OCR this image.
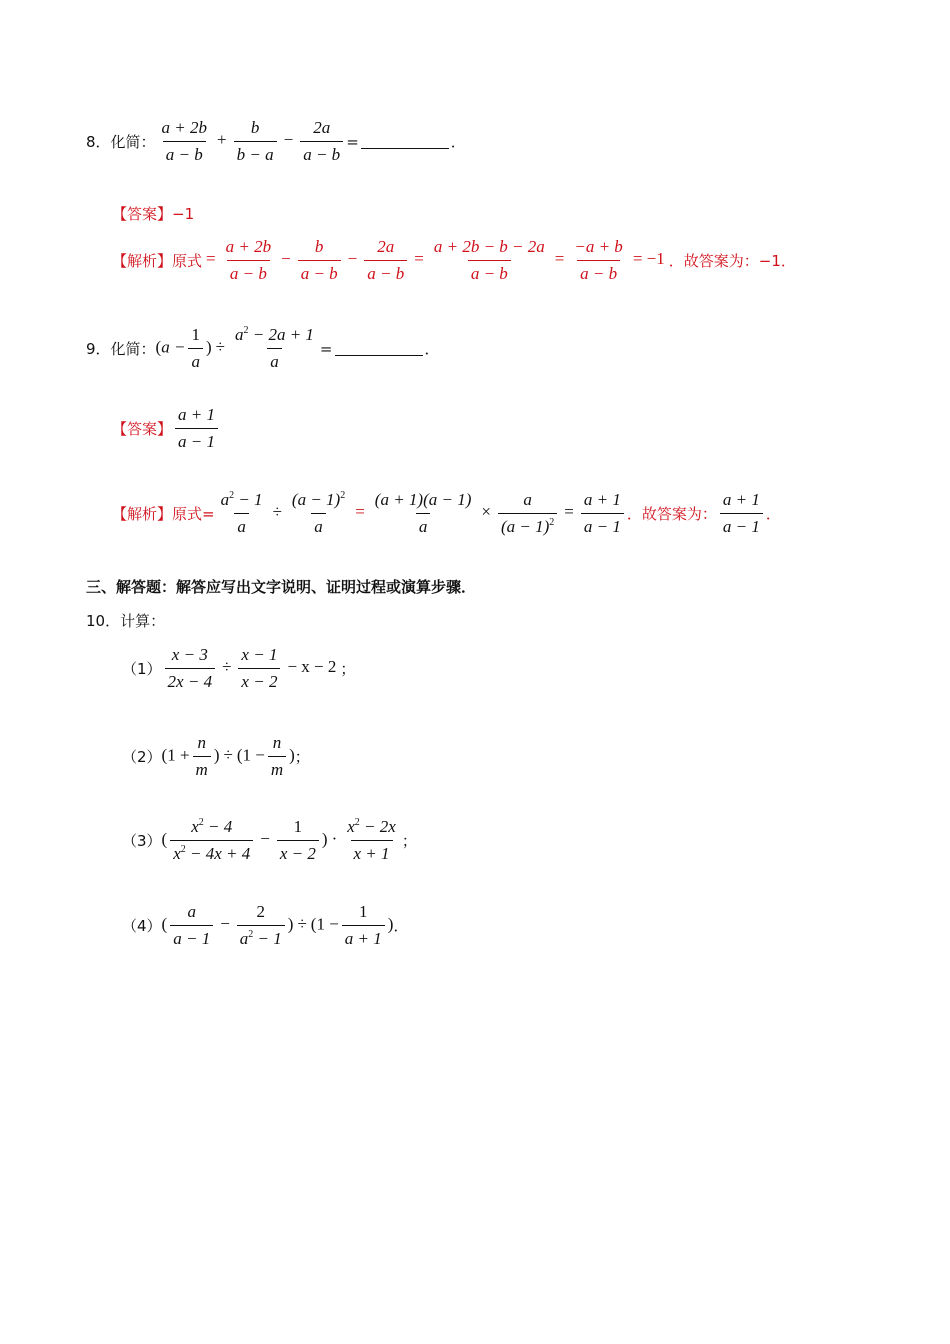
8．化简： $\frac{a + 2b}{a - b} + \frac{b}{b - a} - \frac{2a}{a - b}$ =	．
【答案】 −1
【解析】原式 = $\frac{a + 2b}{a - b} - \frac{b}{a - b} - \frac{2a}{a - b} = \frac{a + 2b - b - 2a}{a - b} = \frac{-a + b}{a - b} = -1$ ．故答案为： −1．
9．化简： ($a - \frac{1}{a}$ ) ÷ $\frac{a^2 - 2a + 1}{a}$ =	．
【答案】 $\frac{a + 1}{a - 1}$
【解析】原式= $\frac{a^2 - 1}{a} \div \frac{(a - 1)^2}{a} = \frac{(a + 1)(a - 1)}{a} \times \frac{a}{(a - 1)^2} = \frac{a + 1}{a - 1}$ ．故答案为： $\frac{a + 1}{a - 1}$ ．
三、解答题：解答应写出文字说明、证明过程或演算步骤．
10．计算：
$(1) \frac{x - 3}{2x - 4} \div \frac{x - 1}{x - 2} - x - 2$ ；
（2） ($1 + \frac{n}{m}$ ) ÷ ($1 - \frac{n}{m}$ ) ；
（3） ( $\frac{x^2 - 4}{x^2 - 4x + 4} - \frac{1}{x - 2}$ ) · $\frac{x^2 - 2x}{x + 1}$ ；
（4） ( $\frac{a}{a - 1} - \frac{2}{a^2 - 1}$ ) ÷ ($1 - \frac{1}{a + 1}$ ) ．
